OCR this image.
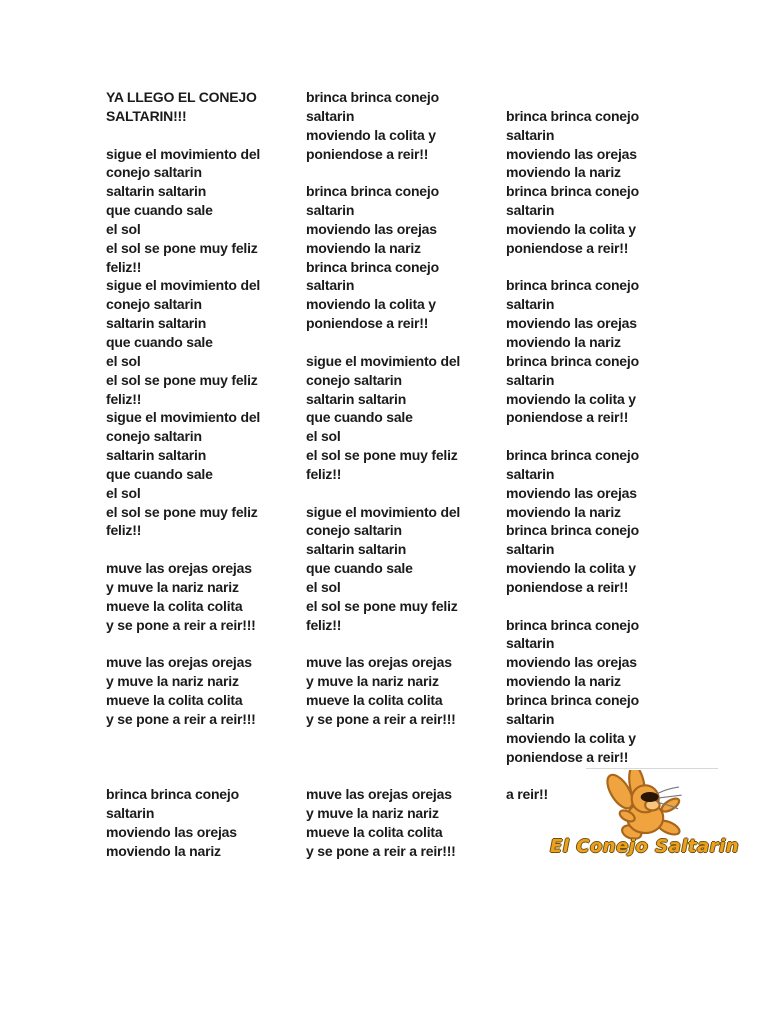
YA LLEGO EL CONEJO
SALTARIN!!!

sigue el movimiento del
conejo saltarin
saltarin saltarin
que cuando sale
el sol
el sol se pone muy feliz
feliz!!
sigue el movimiento del
conejo saltarin
saltarin saltarin
que cuando sale
el sol
el sol se pone muy feliz
feliz!!
sigue el movimiento del
conejo saltarin
saltarin saltarin
que cuando sale
el sol
el sol se pone muy feliz
feliz!!

muve las orejas orejas
y muve la nariz nariz
mueve la colita colita
y se pone a reir a reir!!!

muve las orejas orejas
y muve la nariz nariz
mueve la colita colita
y se pone a reir a reir!!!

brinca brinca conejo
saltarin
moviendo las orejas
moviendo la nariz
brinca brinca conejo
saltarin
moviendo la colita y
poniendose a reir!!

brinca brinca conejo
saltarin
moviendo las orejas
moviendo la nariz
brinca brinca conejo
saltarin
moviendo la colita y
poniendose a reir!!

sigue el movimiento del
conejo saltarin
saltarin saltarin
que cuando sale
el sol
el sol se pone muy feliz
feliz!!

sigue el movimiento del
conejo saltarin
saltarin saltarin
que cuando sale
el sol
el sol se pone muy feliz
feliz!!

muve las orejas orejas
y muve la nariz nariz
mueve la colita colita
y se pone a reir a reir!!!

muve las orejas orejas
y muve la nariz nariz
mueve la colita colita
y se pone a reir a reir!!!

brinca brinca conejo
saltarin
moviendo las orejas
moviendo la nariz
brinca brinca conejo
saltarin
moviendo la colita y
poniendose a reir!!

brinca brinca conejo
saltarin
moviendo las orejas
moviendo la nariz
brinca brinca conejo
saltarin
moviendo la colita y
poniendose a reir!!

brinca brinca conejo
saltarin
moviendo las orejas
moviendo la nariz
brinca brinca conejo
saltarin
moviendo la colita y
poniendose a reir!!

brinca brinca conejo
saltarin
moviendo las orejas
moviendo la nariz
brinca brinca conejo
saltarin
moviendo la colita y
poniendose a reir!!

a reir!!
El Conejo Saltarin
